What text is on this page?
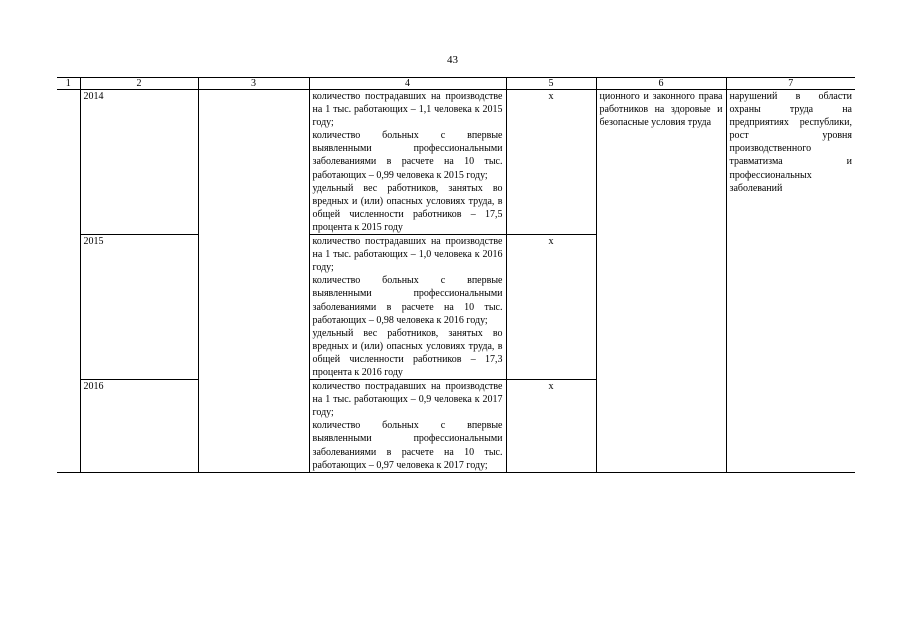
43
1	2	3	4	5	6	7
	2014		количество пострадавших на производстве на 1 тыс. работающих – 1,1 человека к 2015 году;
количество больных с впервые выявленными профессиональными заболеваниями в расчете на 10 тыс. работающих – 0,99 человека к 2015 году;
удельный вес работников, занятых во вредных и (или) опасных условиях труда, в общей численности работников – 17,5 процента к 2015 году	х	ционного и законного права работников на здоровые и безопасные условия труда	нарушений в области охраны труда на предприятиях республики, рост уровня производственного травматизма и профессиональных заболеваний
	2015		количество пострадавших на производстве на 1 тыс. работающих – 1,0 человека к 2016 году;
количество больных с впервые выявленными профессиональными заболеваниями в расчете на 10 тыс. работающих – 0,98 человека к 2016 году;
удельный вес работников, занятых во вредных и (или) опасных условиях труда, в общей численности работников – 17,3 процента к 2016 году	х		
	2016		количество пострадавших на производстве на 1 тыс. работающих – 0,9 человека к 2017 году;
количество больных с впервые выявленными профессиональными заболеваниями в расчете на 10 тыс. работающих – 0,97 человека к 2017 году;	х		
